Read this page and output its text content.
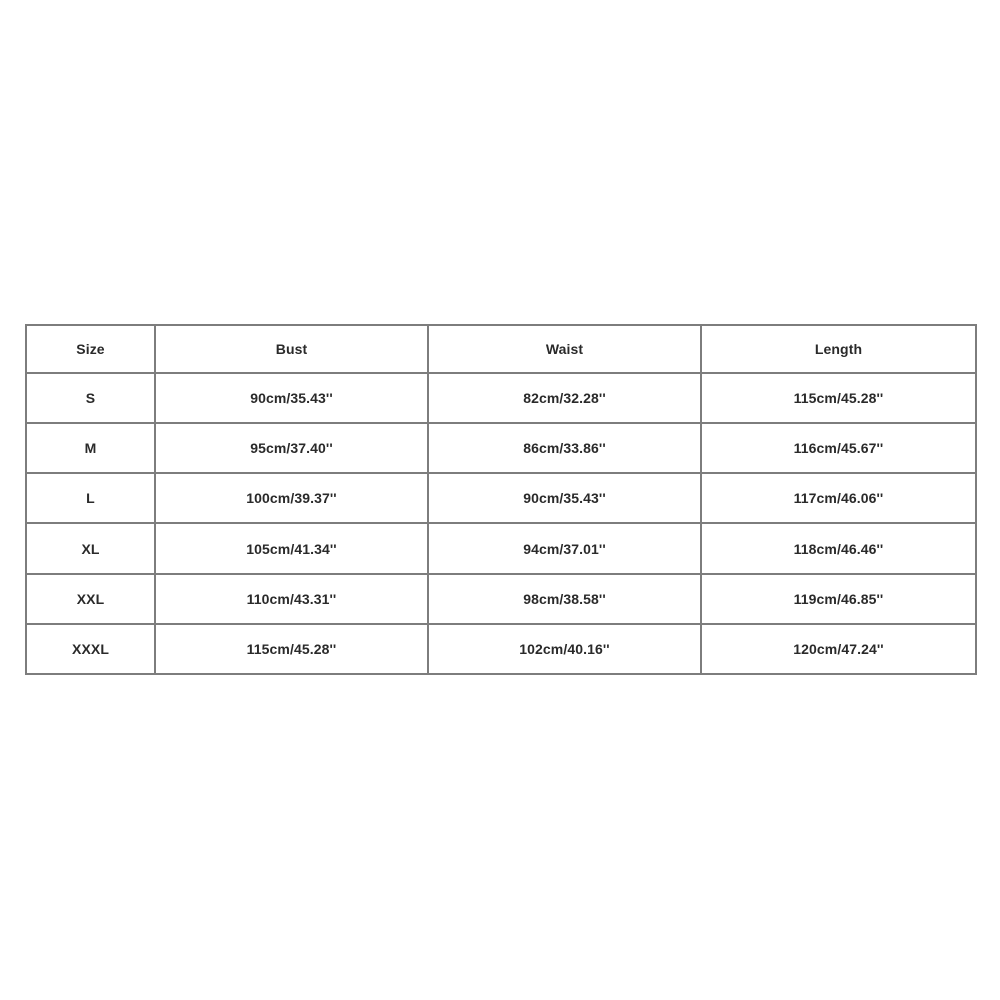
Size	Bust	Waist	Length
S	90cm/35.43''	82cm/32.28''	115cm/45.28''
M	95cm/37.40''	86cm/33.86''	116cm/45.67''
L	100cm/39.37''	90cm/35.43''	117cm/46.06''
XL	105cm/41.34''	94cm/37.01''	118cm/46.46''
XXL	110cm/43.31''	98cm/38.58''	119cm/46.85''
XXXL	115cm/45.28''	102cm/40.16''	120cm/47.24''
